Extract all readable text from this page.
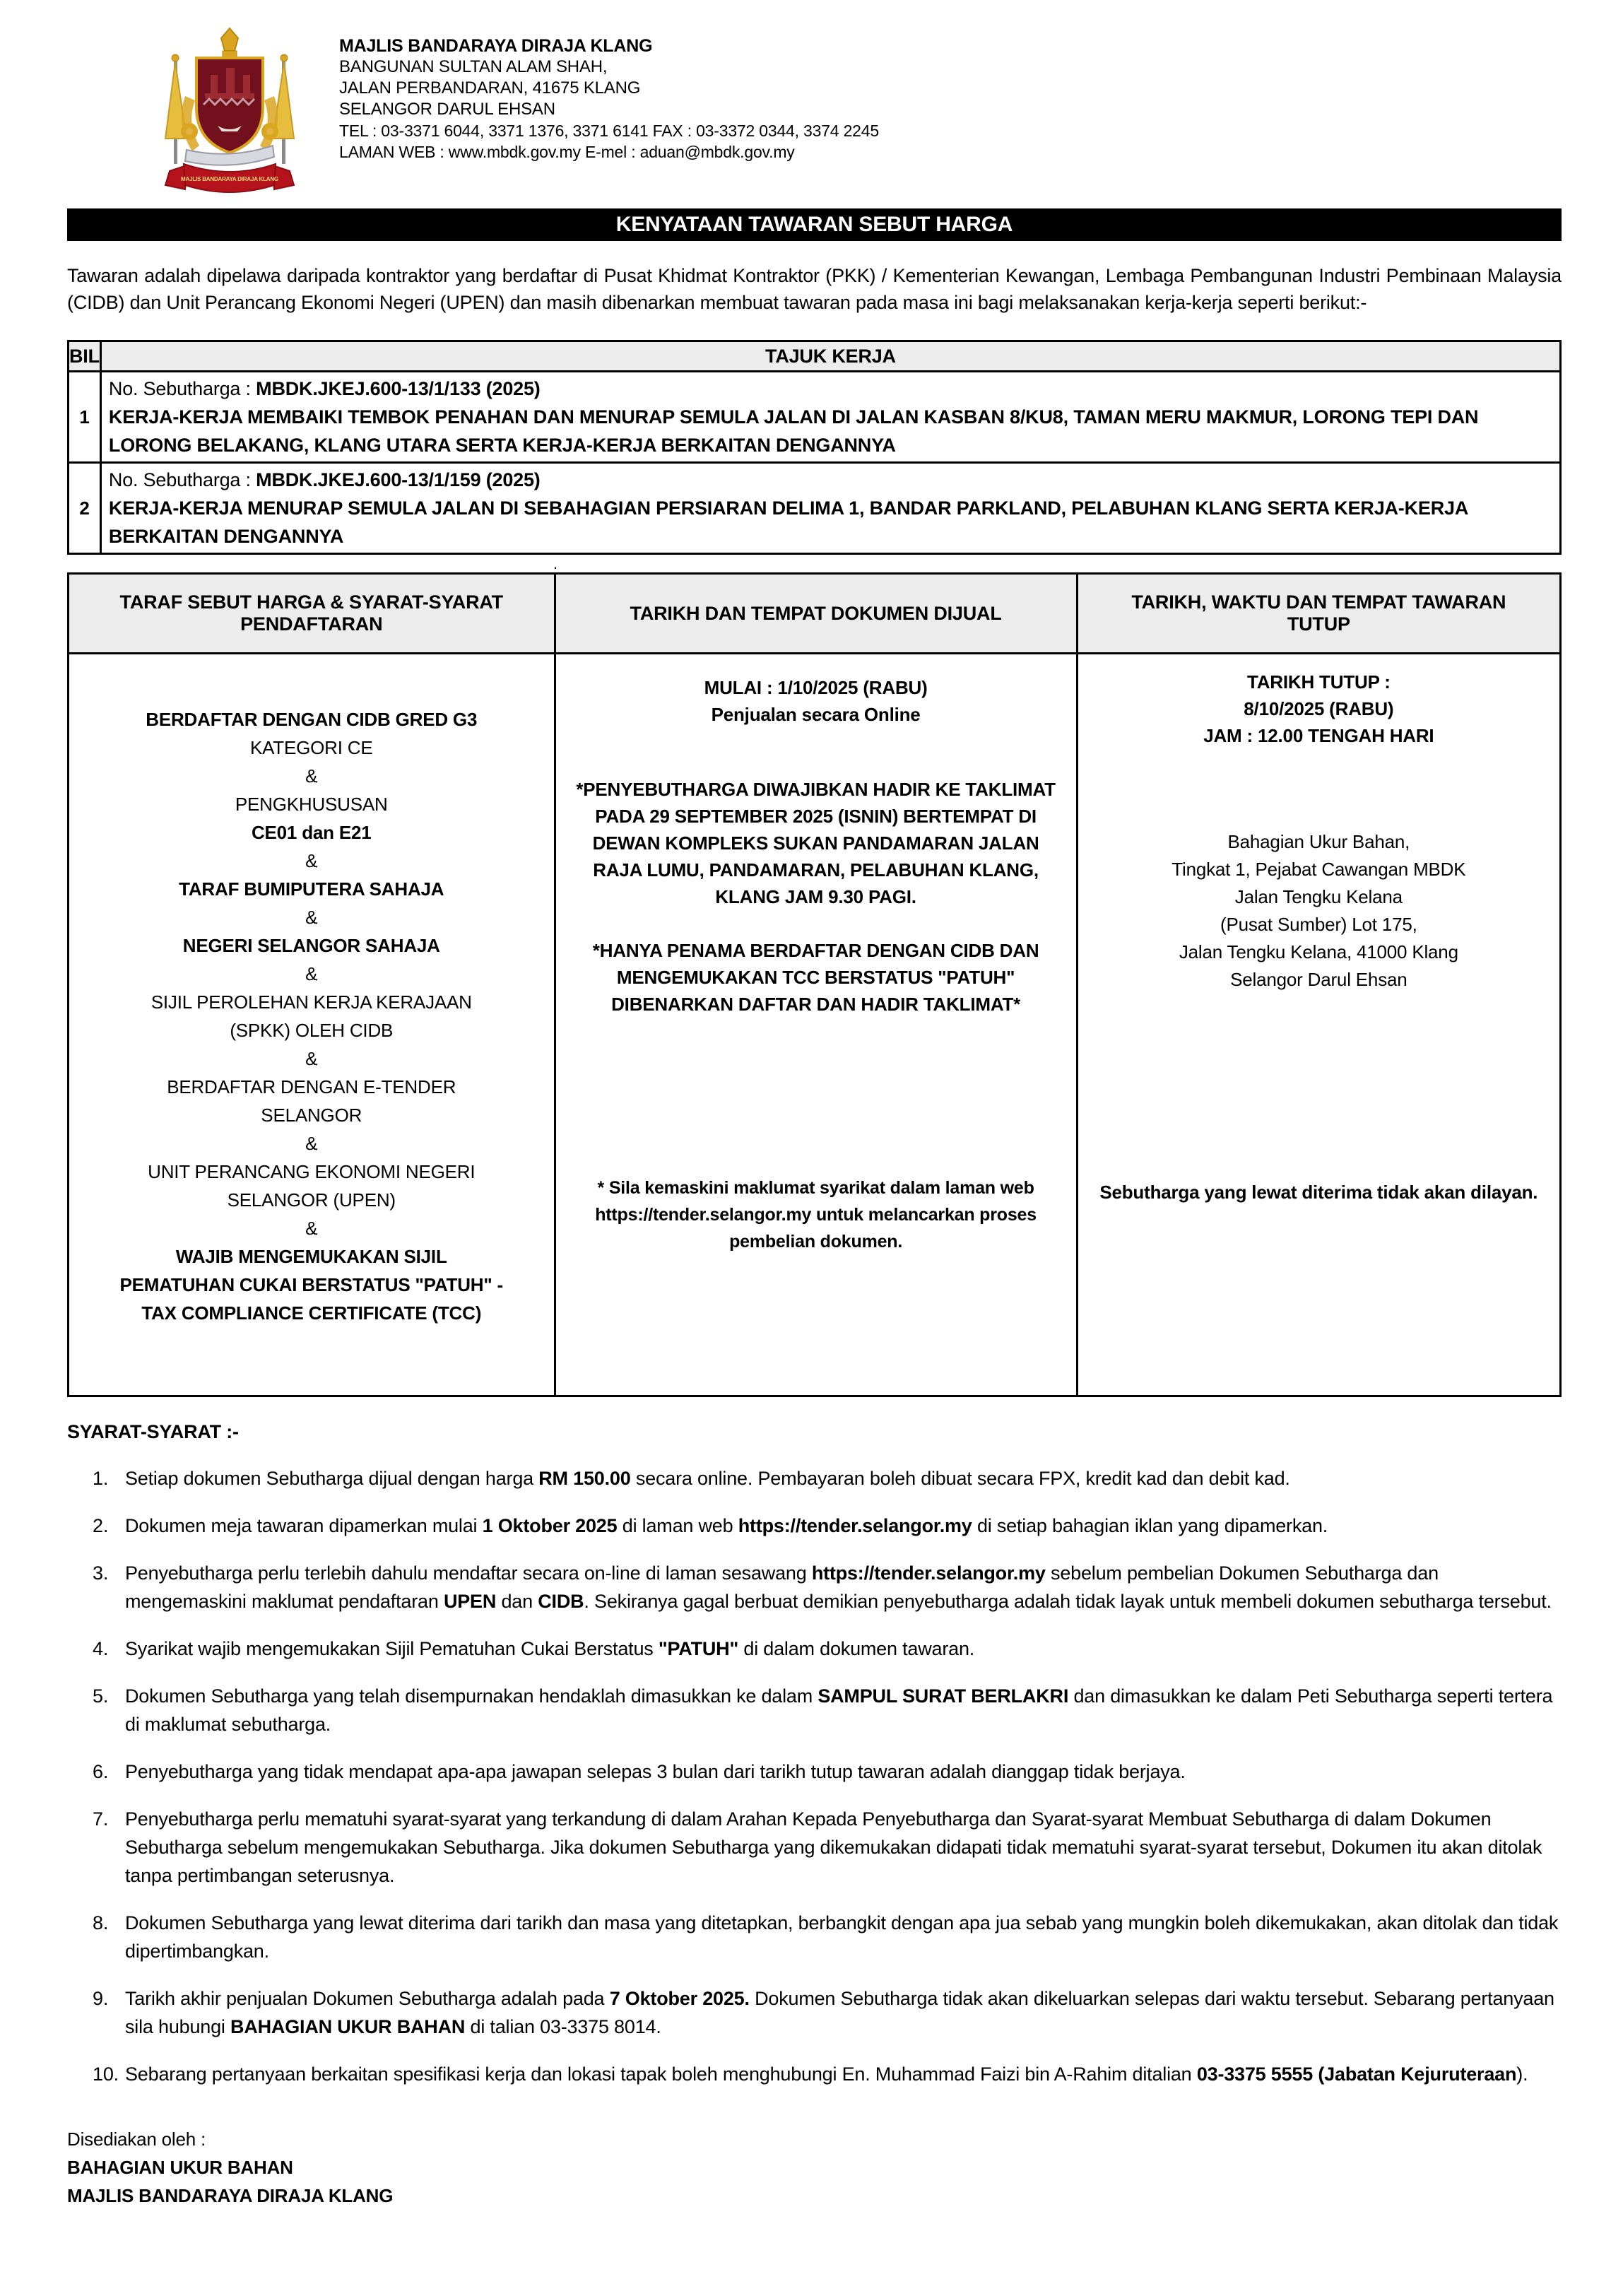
MAJLIS BANDARAYA DIRAJA KLANG
MAJLIS BANDARAYA DIRAJA KLANG
BANGUNAN SULTAN ALAM SHAH,
JALAN PERBANDARAN, 41675 KLANG
SELANGOR DARUL EHSAN
TEL : 03-3371 6044, 3371 1376, 3371 6141 FAX : 03-3372 0344, 3374 2245
LAMAN WEB : www.mbdk.gov.my E-mel : aduan@mbdk.gov.my
KENYATAAN TAWARAN SEBUT HARGA
Tawaran adalah dipelawa daripada kontraktor yang berdaftar di Pusat Khidmat Kontraktor (PKK) / Kementerian Kewangan, Lembaga Pembangunan Industri Pembinaan Malaysia (CIDB) dan Unit Perancang Ekonomi Negeri (UPEN) dan masih dibenarkan membuat tawaran pada masa ini bagi melaksanakan kerja-kerja seperti berikut:-
BIL	TAJUK KERJA
1	No. Sebutharga : MBDK.JKEJ.600-13/1/133 (2025)
KERJA-KERJA MEMBAIKI TEMBOK PENAHAN DAN MENURAP SEMULA JALAN DI JALAN KASBAN 8/KU8, TAMAN MERU MAKMUR, LORONG TEPI DAN LORONG BELAKANG, KLANG UTARA SERTA KERJA-KERJA BERKAITAN DENGANNYA

2	No. Sebutharga : MBDK.JKEJ.600-13/1/159 (2025)
KERJA-KERJA MENURAP SEMULA JALAN DI SEBAHAGIAN PERSIARAN DELIMA 1, BANDAR PARKLAND, PELABUHAN KLANG SERTA KERJA-KERJA BERKAITAN DENGANNYA
.
TARAF SEBUT HARGA & SYARAT-SYARAT PENDAFTARAN	TARIKH DAN TEMPAT DOKUMEN DIJUAL	TARIKH, WAKTU DAN TEMPAT TAWARAN TUTUP

BERDAFTAR DENGAN CIDB GRED G3
KATEGORI CE
&
PENGKHUSUSAN
CE01 dan E21
&
TARAF BUMIPUTERA SAHAJA
&
NEGERI SELANGOR SAHAJA
&
SIJIL PEROLEHAN KERJA KERAJAAN
(SPKK) OLEH CIDB
&
BERDAFTAR DENGAN E-TENDER
SELANGOR
&
UNIT PERANCANG EKONOMI NEGERI
SELANGOR (UPEN)
&
WAJIB MENGEMUKAKAN SIJIL
PEMATUHAN CUKAI BERSTATUS "PATUH" -
TAX COMPLIANCE CERTIFICATE (TCC)

MULAI : 1/10/2025 (RABU)
Penjualan secara Online
*PENYEBUTHARGA DIWAJIBKAN HADIR KE TAKLIMAT PADA 29 SEPTEMBER 2025 (ISNIN) BERTEMPAT DI DEWAN KOMPLEKS SUKAN PANDAMARAN JALAN RAJA LUMU, PANDAMARAN, PELABUHAN KLANG, KLANG JAM 9.30 PAGI.
*HANYA PENAMA BERDAFTAR DENGAN CIDB DAN MENGEMUKAKAN TCC BERSTATUS "PATUH" DIBENARKAN DAFTAR DAN HADIR TAKLIMAT*
* Sila kemaskini maklumat syarikat dalam laman web https://tender.selangor.my untuk melancarkan proses pembelian dokumen.

TARIKH TUTUP :
8/10/2025 (RABU)
JAM : 12.00 TENGAH HARI
Bahagian Ukur Bahan,
Tingkat 1, Pejabat Cawangan MBDK
Jalan Tengku Kelana
(Pusat Sumber) Lot 175,
Jalan Tengku Kelana, 41000 Klang
Selangor Darul Ehsan
Sebutharga yang lewat diterima tidak akan dilayan.
SYARAT-SYARAT :-
1. Setiap dokumen Sebutharga dijual dengan harga RM 150.00 secara online. Pembayaran boleh dibuat secara FPX, kredit kad dan debit kad.
2. Dokumen meja tawaran dipamerkan mulai 1 Oktober 2025 di laman web https://tender.selangor.my di setiap bahagian iklan yang dipamerkan.
3. Penyebutharga perlu terlebih dahulu mendaftar secara on-line di laman sesawang https://tender.selangor.my sebelum pembelian Dokumen Sebutharga dan mengemaskini maklumat pendaftaran UPEN dan CIDB. Sekiranya gagal berbuat demikian penyebutharga adalah tidak layak untuk membeli dokumen sebutharga tersebut.
4. Syarikat wajib mengemukakan Sijil Pematuhan Cukai Berstatus "PATUH" di dalam dokumen tawaran.
5. Dokumen Sebutharga yang telah disempurnakan hendaklah dimasukkan ke dalam SAMPUL SURAT BERLAKRI dan dimasukkan ke dalam Peti Sebutharga seperti tertera di maklumat sebutharga.
6. Penyebutharga yang tidak mendapat apa-apa jawapan selepas 3 bulan dari tarikh tutup tawaran adalah dianggap tidak berjaya.
7. Penyebutharga perlu mematuhi syarat-syarat yang terkandung di dalam Arahan Kepada Penyebutharga dan Syarat-syarat Membuat Sebutharga di dalam Dokumen Sebutharga sebelum mengemukakan Sebutharga. Jika dokumen Sebutharga yang dikemukakan didapati tidak mematuhi syarat-syarat tersebut, Dokumen itu akan ditolak tanpa pertimbangan seterusnya.
8. Dokumen Sebutharga yang lewat diterima dari tarikh dan masa yang ditetapkan, berbangkit dengan apa jua sebab yang mungkin boleh dikemukakan, akan ditolak dan tidak dipertimbangkan.
9. Tarikh akhir penjualan Dokumen Sebutharga adalah pada 7 Oktober 2025. Dokumen Sebutharga tidak akan dikeluarkan selepas dari waktu tersebut. Sebarang pertanyaan sila hubungi BAHAGIAN UKUR BAHAN di talian 03-3375 8014.
10. Sebarang pertanyaan berkaitan spesifikasi kerja dan lokasi tapak boleh menghubungi En. Muhammad Faizi bin A-Rahim ditalian 03-3375 5555 (Jabatan Kejuruteraan).
Disediakan oleh :
BAHAGIAN UKUR BAHAN
MAJLIS BANDARAYA DIRAJA KLANG
